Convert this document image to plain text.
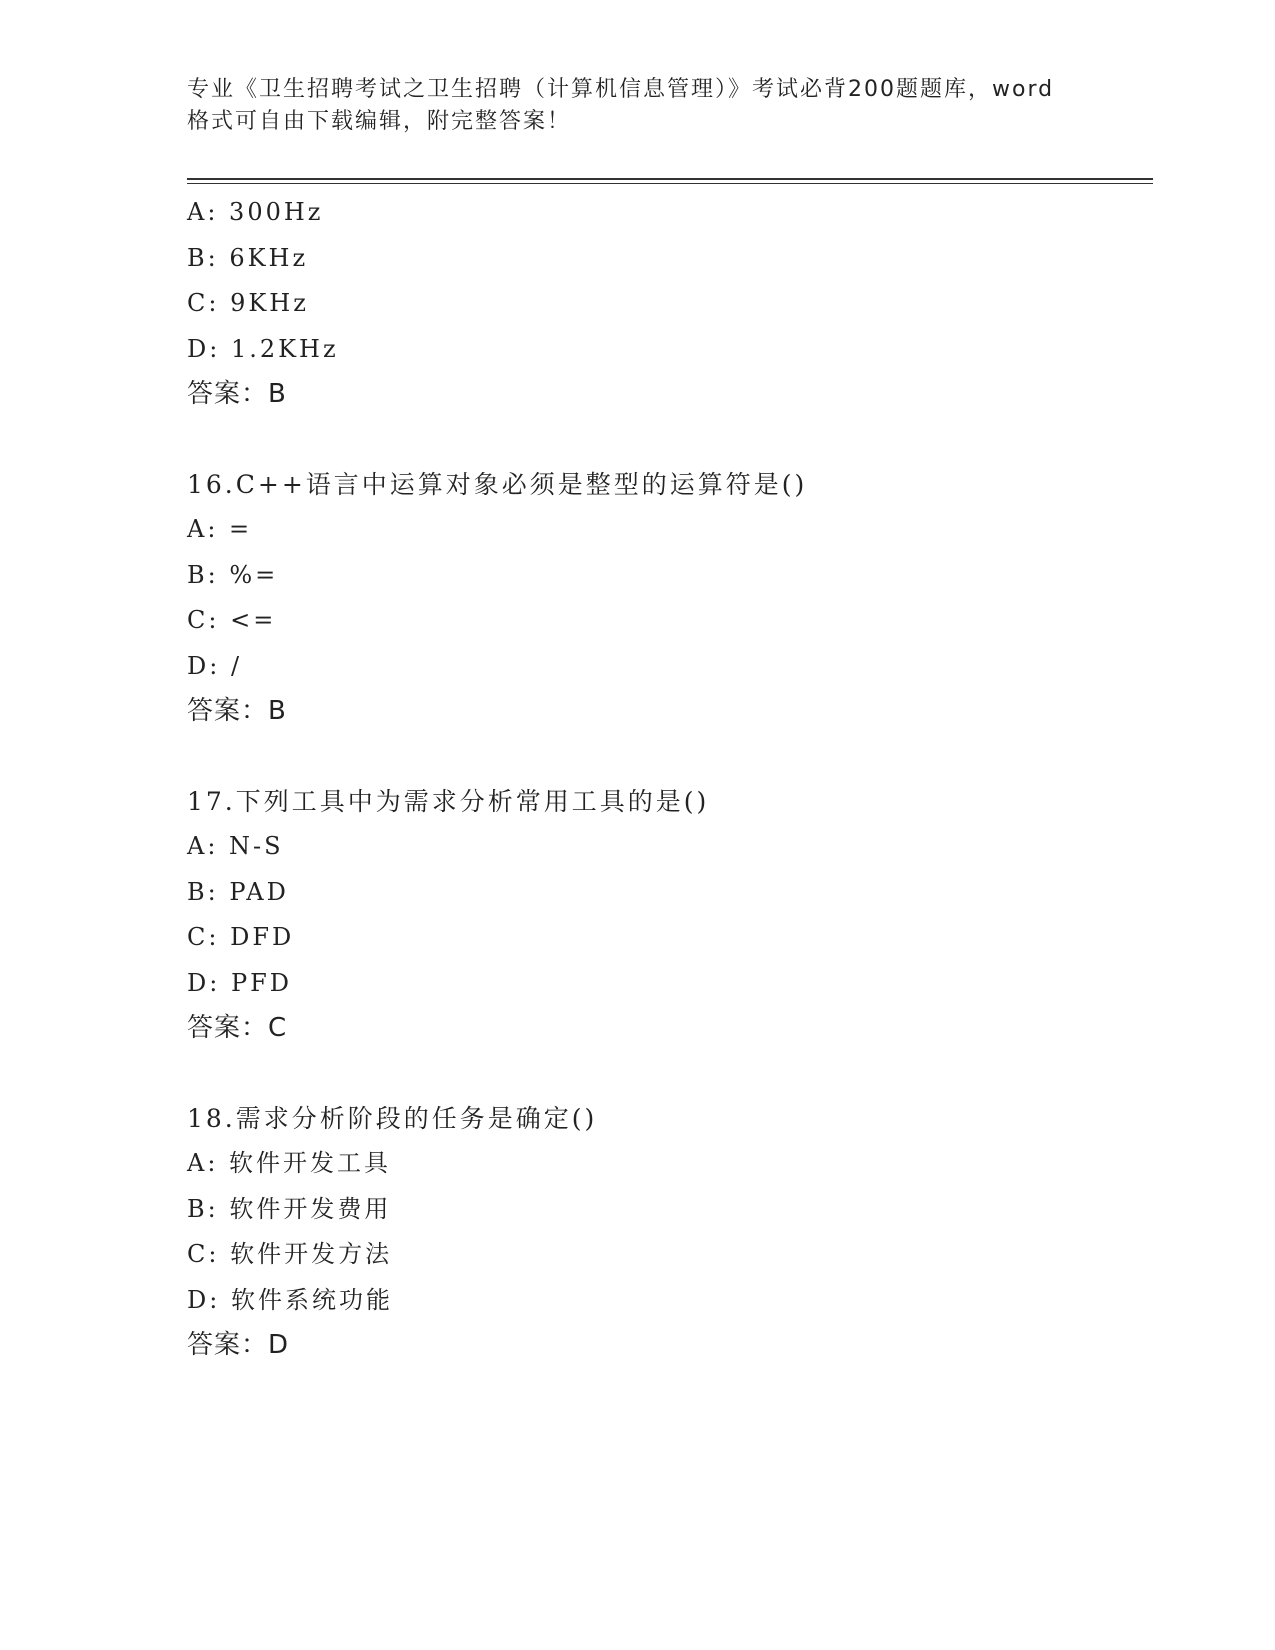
专业《卫生招聘考试之卫生招聘（计算机信息管理）》考试必背200题题库，word
格式可自由下载编辑，附完整答案！
A: 300Hz
B: 6KHz
C: 9KHz
D: 1.2KHz
答案：B
16.C++语言中运算对象必须是整型的运算符是()
A: =
B: %=
C: <=
D: /
答案：B
17.下列工具中为需求分析常用工具的是()
A: N-S
B: PAD
C: DFD
D: PFD
答案：C
18.需求分析阶段的任务是确定()
A: 软件开发工具
B: 软件开发费用
C: 软件开发方法
D: 软件系统功能
答案：D
